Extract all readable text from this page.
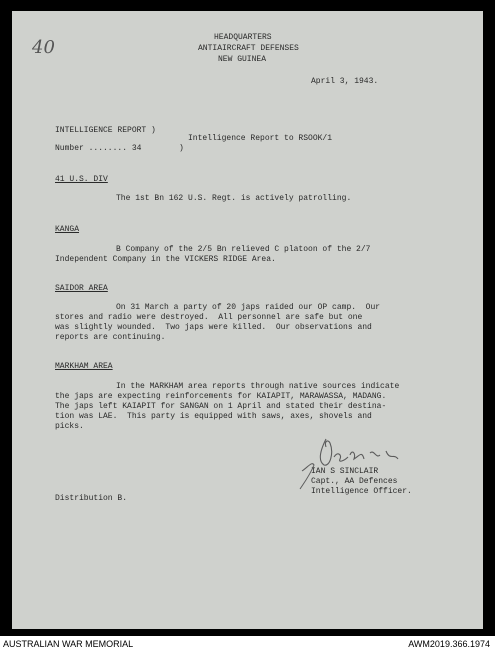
40	HEADQUARTERS
ANTIAIRCRAFT DEFENSES
NEW GUINEA
April 3, 1943.
INTELLIGENCE REPORT )
Number ........ 34	)
Intelligence Report to RSOOK/1
41 U.S. DIV
The 1st Bn 162 U.S. Regt. is actively patrolling.
KANGA
B Company of the 2/5 Bn relieved C platoon of the 2/7
Independent Company in the VICKERS RIDGE Area.
SAIDOR AREA
On 31 March a party of 20 japs raided our OP camp.  Our
stores and radio were destroyed.  All personnel are safe but one
was slightly wounded.  Two japs were killed.  Our observations and
reports are continuing.
MARKHAM AREA
In the MARKHAM area reports through native sources indicate
the japs are expecting reinforcements for KAIAPIT, MARAWASSA, MADANG.
The japs left KAIAPIT for SANGAN on 1 April and stated their destina-
tion was LAE.  This party is equipped with saws, axes, shovels and
picks.
IAN S SINCLAIR
Capt., AA Defences
Intelligence Officer.
Distribution B.
AUSTRALIAN WAR MEMORIAL	AWM2019.366.1974
